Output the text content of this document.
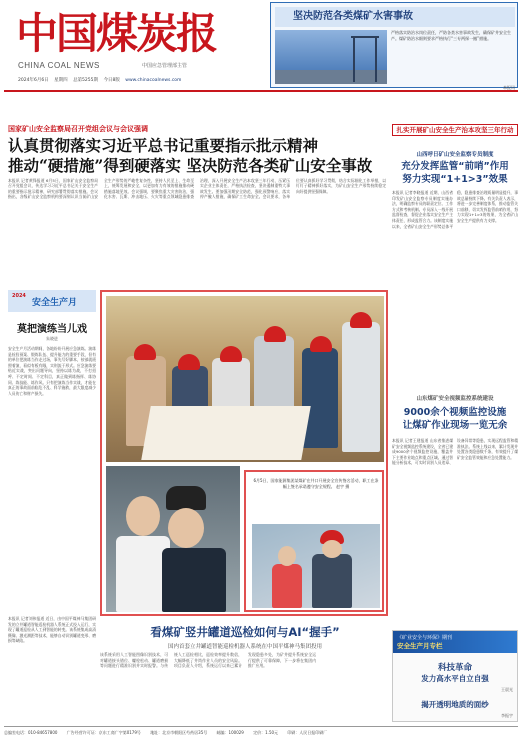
中国煤炭报
CHINA COAL NEWS	中国应急管理部主管
2024年6月6日 星期四 总第5255期 今日8版 www.chinacoalnews.com
坚决防范各类煤矿水害事故
严格落实防治水岗位责任，严防各类水害事故发生，确保矿井安全生产。煤矿防治水细则要求严格执行“三专两探一撤”措施。
本报讯
国家矿山安全监察局召开党组会议与会议强调
认真贯彻落实习近平总书记重要指示批示精神
推动“硬措施”得到硬落实 坚决防范各类矿山安全事故
本报讯 记者黄锋报道 6月5日，国家矿山安全监察局召开党组会议，传达学习习近平总书记关于安全生产的重要指示批示精神，研究部署贯彻落实措施。会议指出，各级矿山安全监察机构要深刻认识当前矿山安全生产形势的严峻性复杂性，坚持人民至上、生命至上，统筹发展和安全，以更加有力有效的措施推动硬措施落地见效。会议强调，要聚焦重大灾害防治，强化水害、瓦斯、冲击地压、火灾等重点领域隐患排查治理，深入开展安全生产治本攻坚三年行动，压紧压实企业主体责任，严格执法检查，坚决遏制重特大事故发生。要加强汛期安全防范，强化预警响应，落实停产撤人措施，确保矿工生命安全。会议要求，各单位要认真抓好学习贯彻，结合实际细化工作举措，以钉钉子精神抓好落实，为矿山安全生产形势持续稳定向好提供坚强保障。
扎实开展矿山安全生产治本攻坚三年行动
山西呼日矿山安全监察专员制度
充分发挥监管“前哨”作用
努力实现“1+1>3”效果
本报讯 记者李晓报道 近期，山西省印发矿山安全监察专员制度实施办法，明确监察专员的职责定位、工作方式和考核机制。专员深入一线开展监督检查，督促企业落实安全生产主体责任，形成监管合力。该制度实施以来，全省矿山安全生产形势总体平稳，隐患排查治理质量明显提升，事故总量持续下降。有关负责人表示，将进一步完善制度体系，推动监管关口前移，切实发挥监管前哨作用，努力实现1+1>3的效果，为全省矿山安全生产提供有力支撑。
山东煤矿安全视频监控系统建设
9000余个视频监控设施
让煤矿作业现场一览无余
本报讯 记者王建报道 山东省推进煤矿安全视频监控系统建设，全省已建成9000余个视频监控设施，覆盖井下主要作业地点和重点区域。通过智能分析技术，可实时识别人员违章、设备异常等隐患，实现远程监管和精准执法。系统上线以来，累计发现并处置各类隐患数千条，有效提升了煤矿安全监管效能和应急处置能力。
2024
安全生产月
莫把演练当儿戏
朱晓进
安全生产月活动期间，各地纷纷开展应急演练。演练是检验预案、锻炼队伍、提升能力的重要手段，但有的单位把演练当作走过场，事先写好脚本，按部就班照着演，看似有板有眼，实则流于形式。应急演练要贴近实战，突出问题导向，坚持以练为战，不打招呼、不定时间、不定科目，真正做到练指挥、练协同、练技能、练作风。只有把演练当作实战，才能在真正的事故面前临危不乱、科学施救，最大限度减少人员伤亡和财产损失。
6月5日，国家能源集团某煤矿在井口开展安全宣传签名活动，职工在条幅上签名承诺遵守安全规程。 赵宇 摄
本报讯 记者刘伟报道 近日，由中国平煤神马集团研发的立井罐道智能巡检机器人系统正式投入运行，实现了罐道巡检从人工到智能的转变。该系统集成高清摄像、激光测距等技术，能够自动识别罐道变形、磨损等缺陷。
看煤矿竖井罐道巡检如何与AI“握手”
国内首套立井罐道智能巡检机器人系统在中国平煤神马集团投用
该系统采用人工智能图像识别技术，可对罐道接头错位、螺栓松动、罐道磨损等问题进行精准识别并实时报警。与传统人工巡检相比，巡检效率提升数倍，大幅降低了井筒作业人员的安全风险。项目负责人介绍，系统运行以来已累计发现隐患多处，为矿井提升系统安全运行提供了可靠保障，下一步将在集团内推广应用。
《矿业安全与环保》期刊
安全生产月专栏
科技革命
发力高水平自立自强
王晨光
揭开透明地质的面纱
李振宇
总编室电话：010-84657800 广告经营许可证：京东工商广字第0179号 地址：北京市朝阳区芍药居35号 邮编：100029 定价：1.50元 印刷：人民日报印刷厂
